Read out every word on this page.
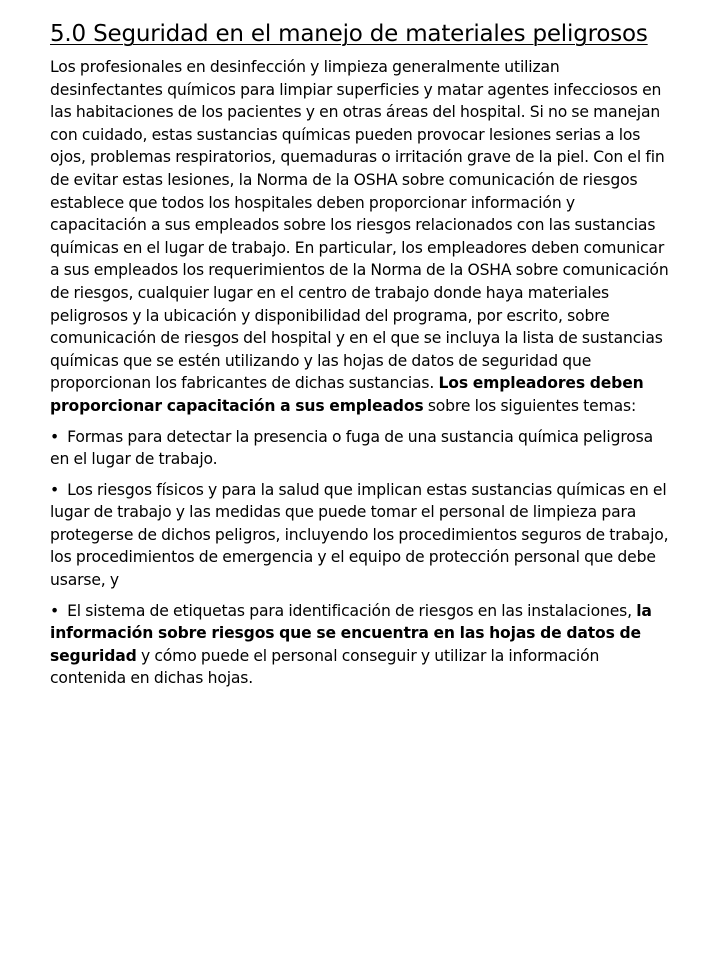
5.0 Seguridad en el manejo de materiales peligrosos

Los profesionales en desinfección y limpieza generalmente utilizan desinfectantes químicos para limpiar superficies y matar agentes infecciosos en las habitaciones de los pacientes y en otras áreas del hospital. Si no se manejan con cuidado, estas sustancias químicas pueden provocar lesiones serias a los ojos, problemas respiratorios, quemaduras o irritación grave de la piel. Con el fin de evitar estas lesiones, la Norma de la OSHA sobre comunicación de riesgos establece que todos los hospitales deben proporcionar información y capacitación a sus empleados sobre los riesgos relacionados con las sustancias químicas en el lugar de trabajo. En particular, los empleadores deben comunicar a sus empleados los requerimientos de la Norma de la OSHA sobre comunicación de riesgos, cualquier lugar en el centro de trabajo donde haya materiales peligrosos y la ubicación y disponibilidad del programa, por escrito, sobre comunicación de riesgos del hospital y en el que se incluya la lista de sustancias químicas que se estén utilizando y las hojas de datos de seguridad que proporcionan los fabricantes de dichas sustancias. Los empleadores deben proporcionar capacitación a sus empleados sobre los siguientes temas:

• Formas para detectar la presencia o fuga de una sustancia química peligrosa en el lugar de trabajo.
• Los riesgos físicos y para la salud que implican estas sustancias químicas en el lugar de trabajo y las medidas que puede tomar el personal de limpieza para protegerse de dichos peligros, incluyendo los procedimientos seguros de trabajo, los procedimientos de emergencia y el equipo de protección personal que debe usarse, y
• El sistema de etiquetas para identificación de riesgos en las instalaciones, la información sobre riesgos que se encuentra en las hojas de datos de seguridad y cómo puede el personal conseguir y utilizar la información contenida en dichas hojas.
